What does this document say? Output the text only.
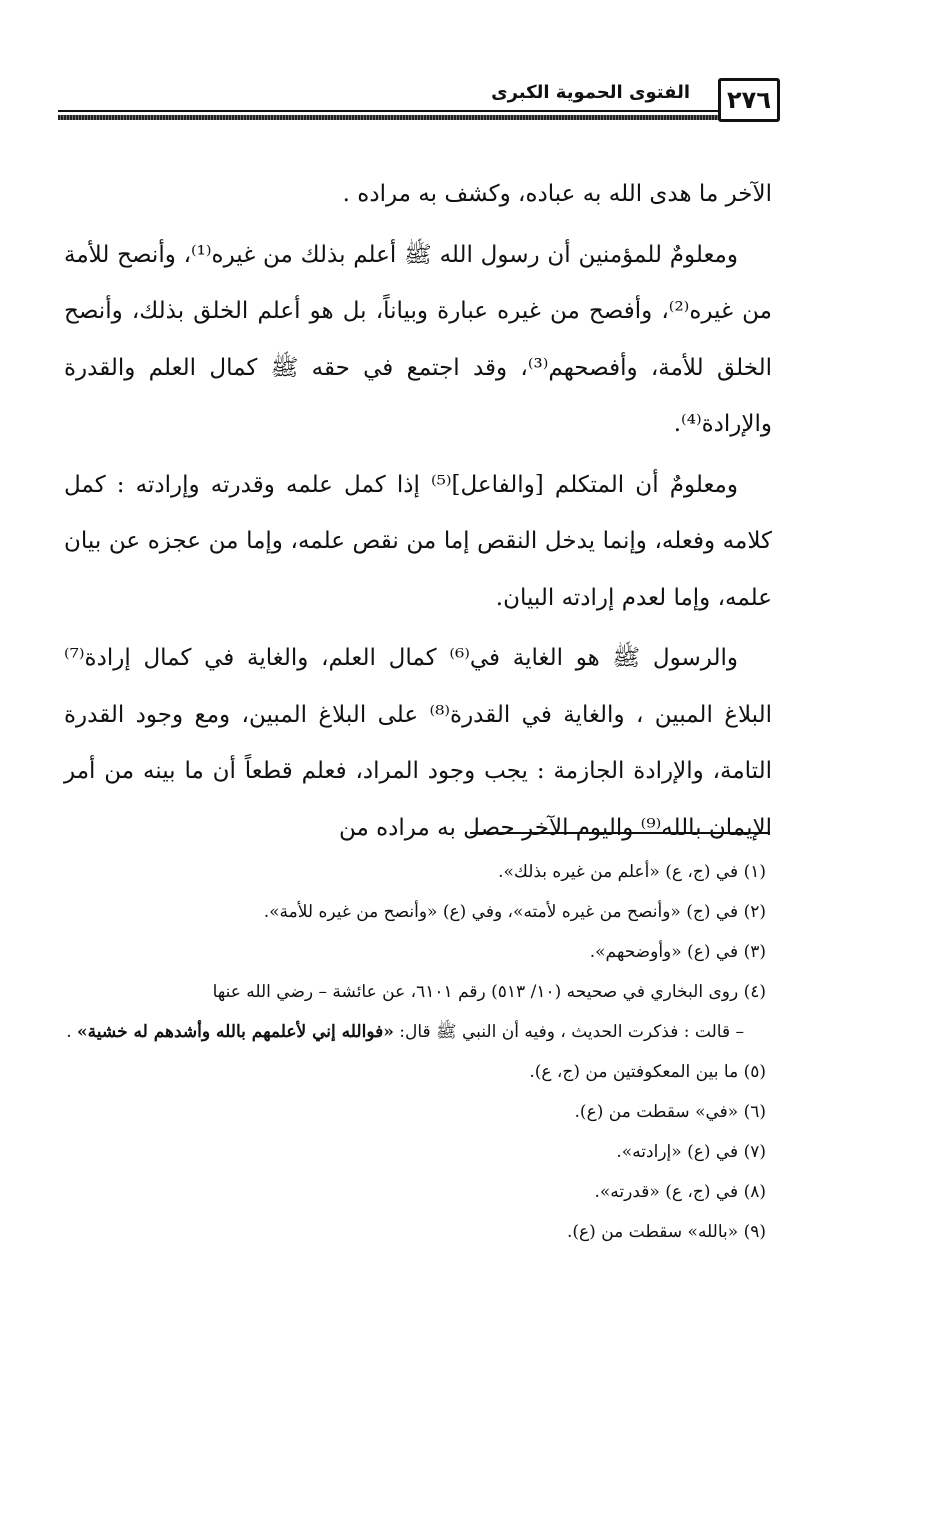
الفتوى الحموية الكبرى	٢٧٦

الآخر ما هدى الله به عباده، وكشف به مراده .

ومعلومٌ للمؤمنين أن رسول الله ﷺ أعلم بذلك من غيره⁽¹⁾، وأنصح للأمة من غيره⁽²⁾، وأفصح من غيره عبارة وبياناً، بل هو أعلم الخلق بذلك، وأنصح الخلق للأمة، وأفصحهم⁽³⁾، وقد اجتمع في حقه ﷺ كمال العلم والقدرة والإرادة⁽⁴⁾.

ومعلومٌ أن المتكلم [والفاعل]⁽⁵⁾ إذا كمل علمه وقدرته وإرادته : كمل كلامه وفعله، وإنما يدخل النقص إما من نقص علمه، وإما من عجزه عن بيان علمه، وإما لعدم إرادته البيان.

والرسول ﷺ هو الغاية في⁽⁶⁾ كمال العلم، والغاية في كمال إرادة⁽⁷⁾ البلاغ المبين ، والغاية في القدرة⁽⁸⁾ على البلاغ المبين، ومع وجود القدرة التامة، والإرادة الجازمة : يجب وجود المراد، فعلم قطعاً أن ما بينه من أمر الإيمان بالله⁽⁹⁾ واليوم الآخر حصل به مراده من

(١) في (ج، ع) «أعلم من غيره بذلك».

(٢) في (ج) «وأنصح من غيره لأمته»، وفي (ع) «وأنصح من غيره للأمة».

(٣) في (ع) «وأوضحهم».

(٤) روى البخاري في صحيحه (١٠/ ٥١٣) رقم ٦١٠١، عن عائشة – رضي الله عنها

– قالت : فذكرت الحديث ، وفيه أن النبي ﷺ قال: «فوالله إني لأعلمهم بالله وأشدهم له خشية» .

(٥) ما بين المعكوفتين من (ج، ع).

(٦) «في» سقطت من (ع).

(٧) في (ع) «إرادته».

(٨) في (ج، ع) «قدرته».

(٩) «بالله» سقطت من (ع).
